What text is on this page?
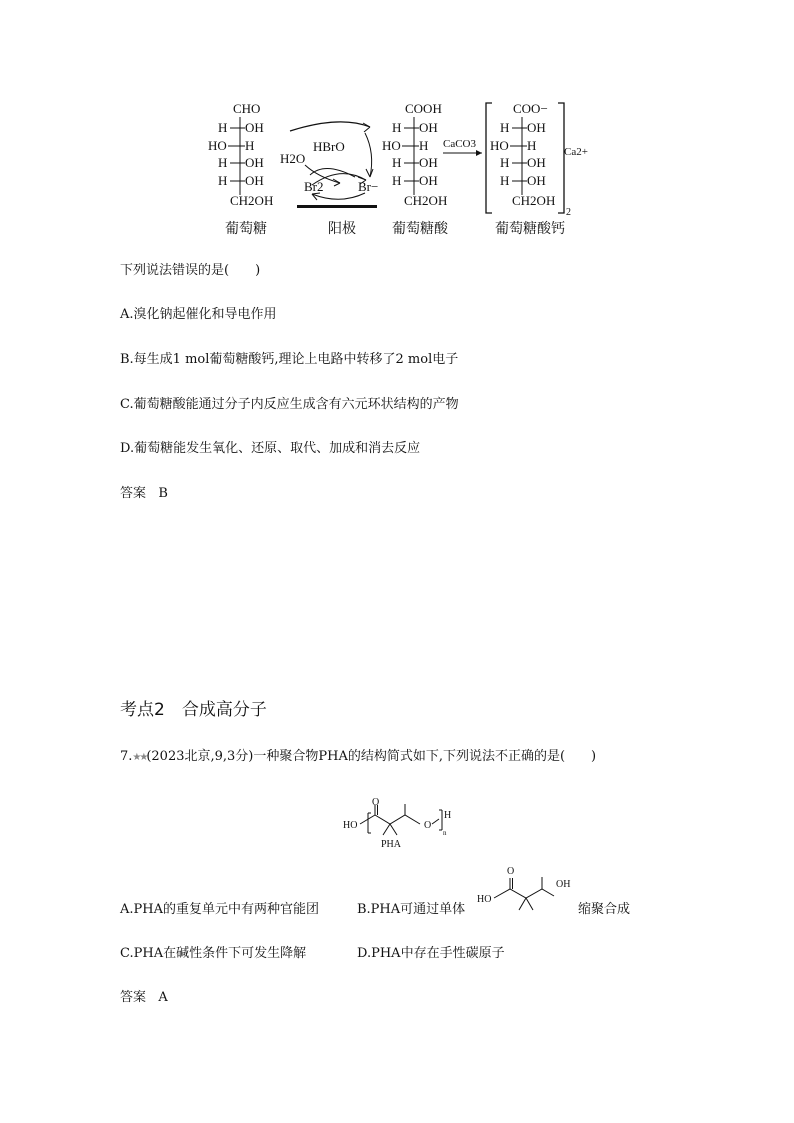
CHO
H OH
HO H
H OH
H OH
CH2OH
葡萄糖
HBrO
H2O
Br2	Br−
阳极
COOH
H OH
HO H
H OH
H OH
CH2OH
葡萄糖酸
CaCO3
COO−
H OH
HO H
H OH
H OH
CH2OH
2
Ca2+
葡萄糖酸钙
下列说法错误的是(　　)
A.溴化钠起催化和导电作用
B.每生成1 mol葡萄糖酸钙,理论上电路中转移了2 mol电子
C.葡萄糖酸能通过分子内反应生成含有六元环状结构的产物
D.葡萄糖能发生氧化、还原、取代、加成和消去反应
答案 B
考点2　合成高分子
7.★★(2023北京,9,3分)一种聚合物PHA的结构简式如下,下列说法不正确的是(　　)
HO
O
O
H
n
PHA
A.PHA的重复单元中有两种官能团	B.PHA可通过单体
HO
O
OH
缩聚合成
C.PHA在碱性条件下可发生降解	D.PHA中存在手性碳原子
答案 A
